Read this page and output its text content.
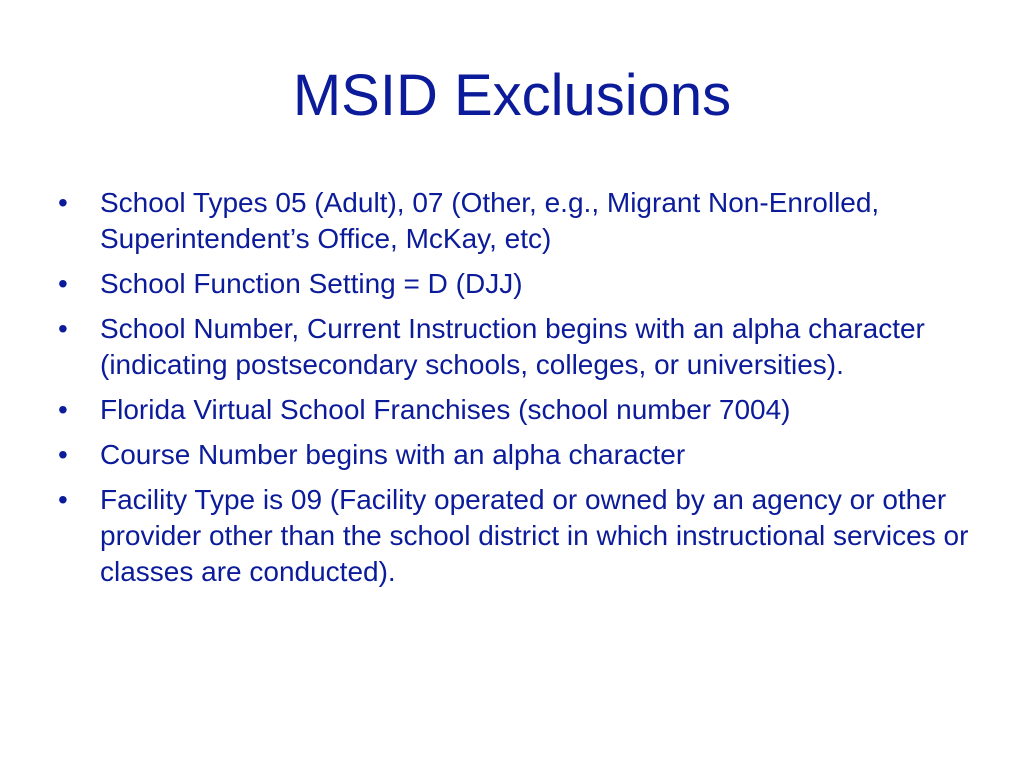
MSID Exclusions
•	School Types 05 (Adult), 07 (Other, e.g., Migrant Non-Enrolled, Superintendent’s Office, McKay, etc)
•	School Function Setting = D (DJJ)
•	School Number, Current Instruction begins with an alpha character (indicating postsecondary schools, colleges, or universities).
•	Florida Virtual School Franchises (school number 7004)
•	Course Number begins with an alpha character
•	Facility Type is 09 (Facility operated or owned by an agency or other provider other than the school district in which instructional services or classes are conducted).
